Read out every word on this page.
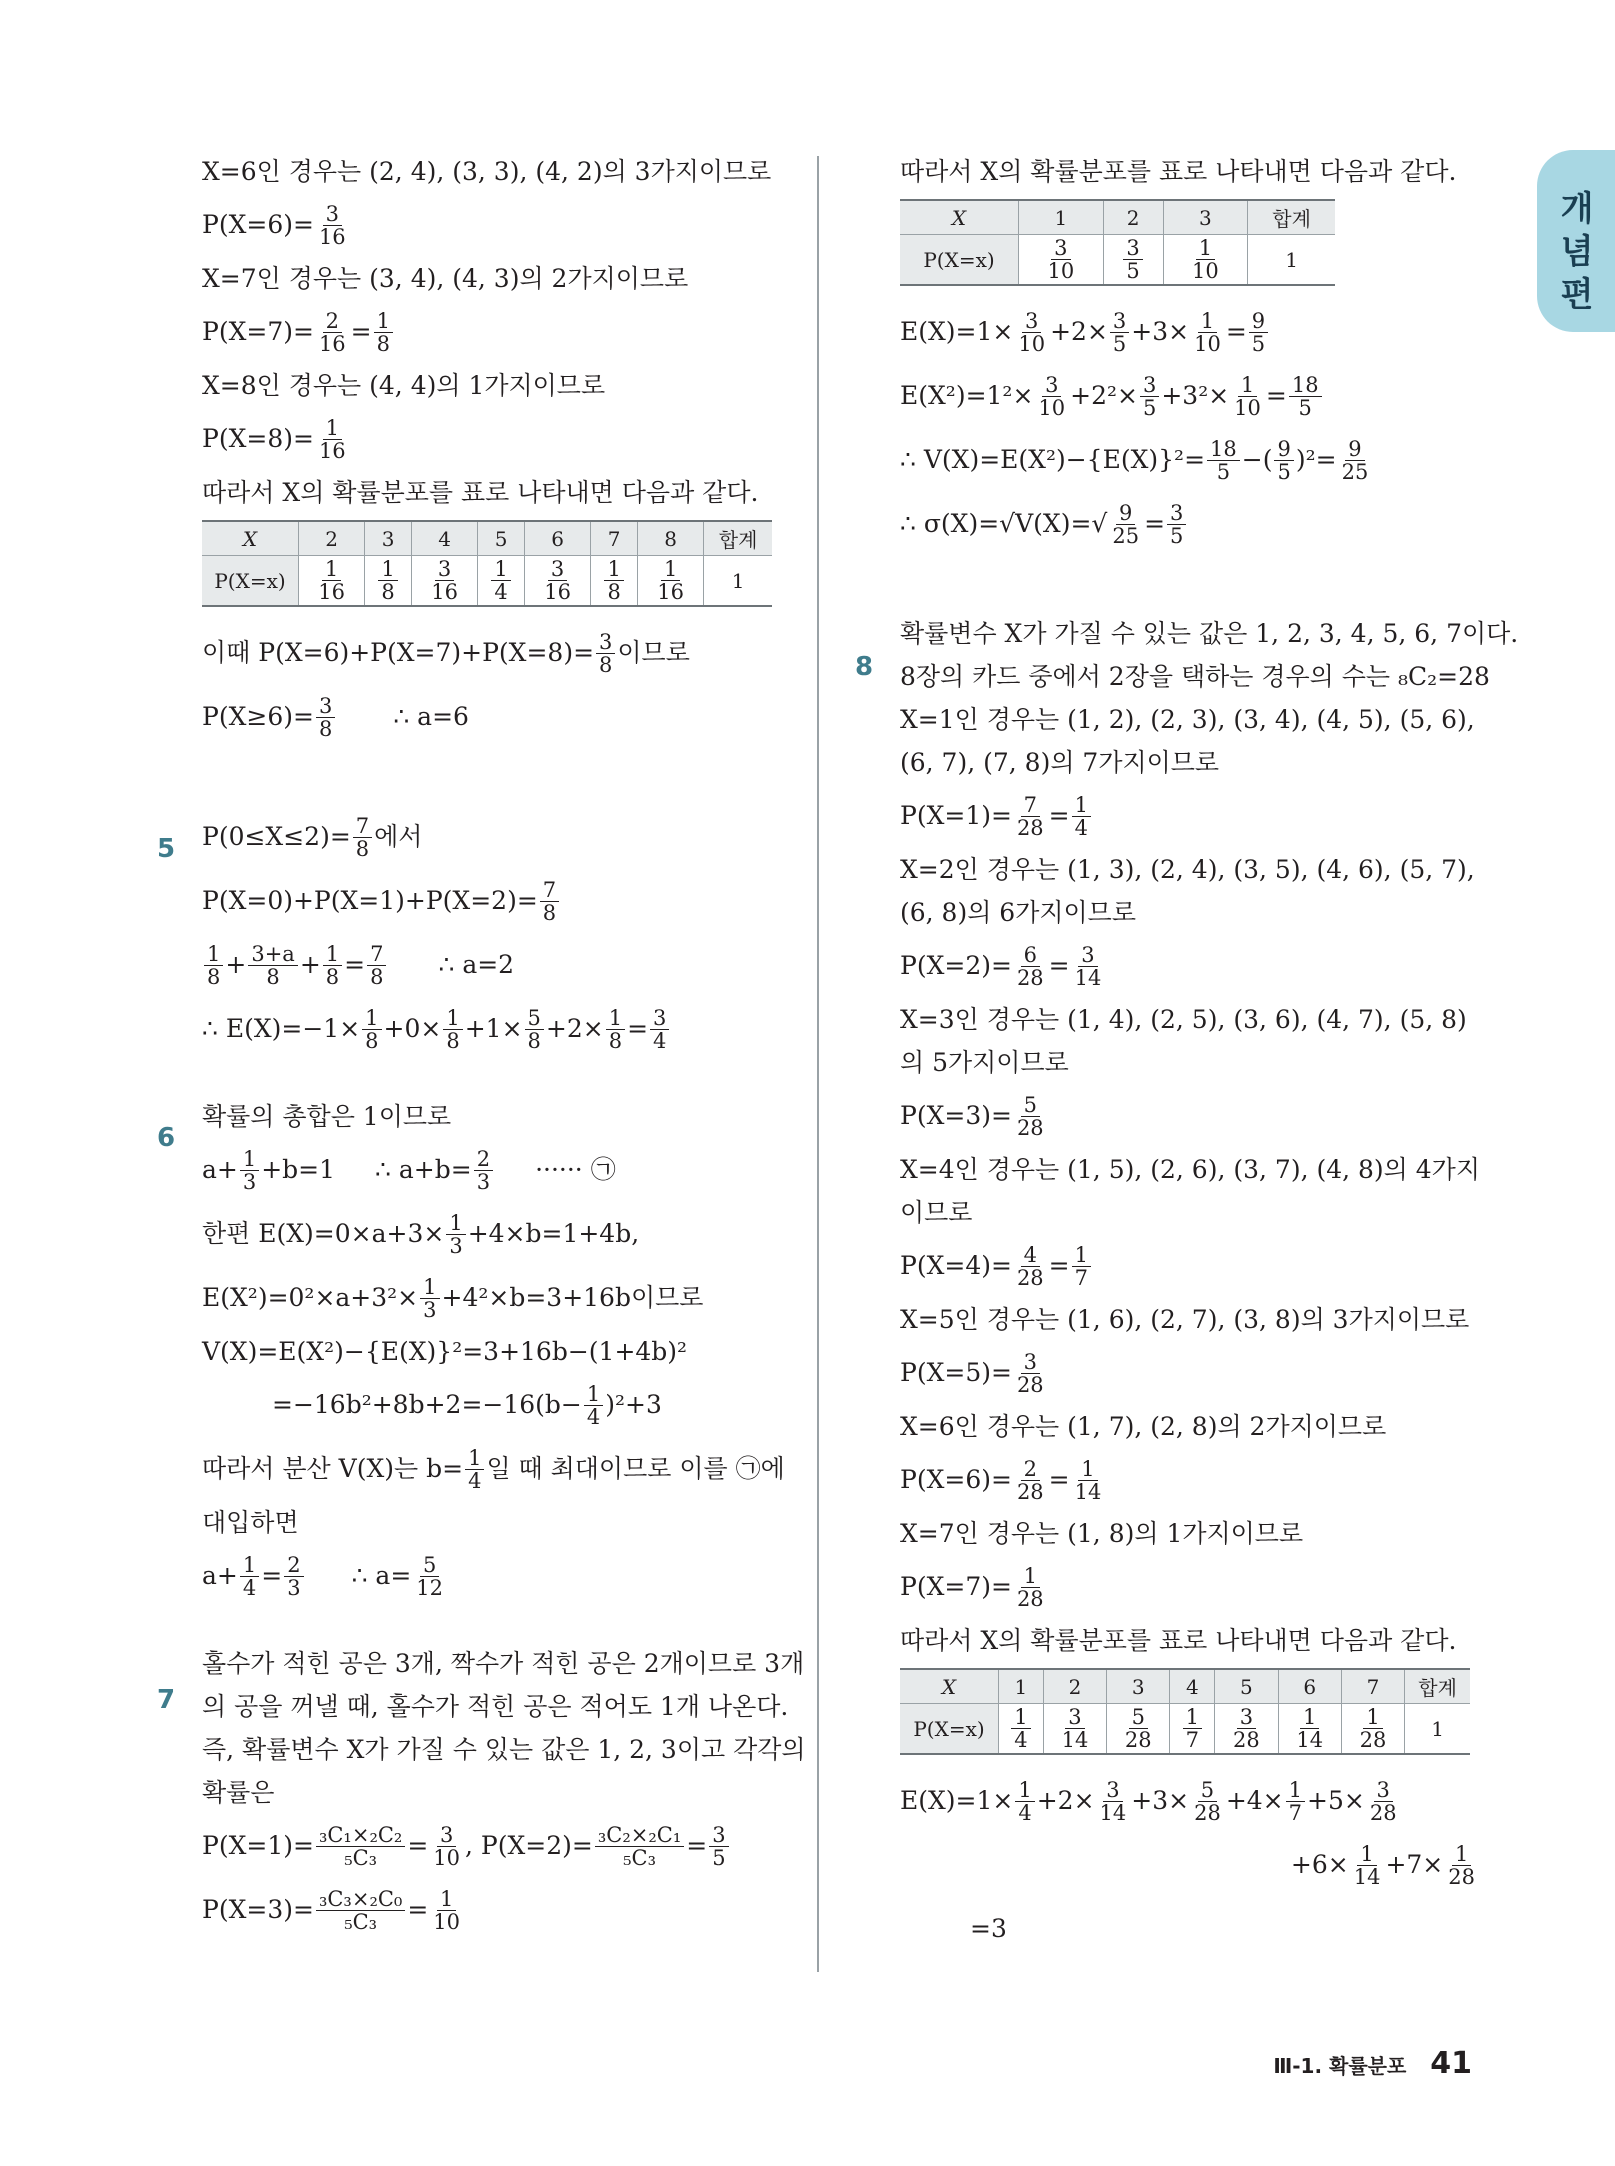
개념편
5
6
7
8
X=6인 경우는 (2, 4), (3, 3), (4, 2)의 3가지이므로
$P(X=6)= \frac{3}{16}$
X=7인 경우는 (3, 4), (4, 3)의 2가지이므로
$P(X=7)= \frac{2}{16} = \frac{1}{8}$
X=8인 경우는 (4, 4)의 1가지이므로
$P(X=8)= \frac{1}{16}$
따라서 X의 확률분포를 표로 나타내면 다음과 같다.
X	2	3	4	5	6	7	8	합계
P(X=x)	$\frac{1}{16}$	$\frac{1}{8}$	$\frac{3}{16}$	$\frac{1}{4}$	$\frac{3}{16}$	$\frac{1}{8}$	$\frac{1}{16}$	1
이때 $P(X=6)+P(X=7)+P(X=8)= \frac{3}{8}$ 이므로
$P(X\ge 6)= \frac{3}{8}$ ∴ a=6
$P(0\le X\le 2)= \frac{7}{8}$ 에서
$P(X=0)+P(X=1)+P(X=2)= \frac{7}{8}$
$\frac{1}{8} + \frac{3+a}{8} + \frac{1}{8} = \frac{7}{8}$ ∴ a=2
∴ $E(X)=-1\times \frac{1}{8} +0\times \frac{1}{8} +1\times \frac{5}{8} +2\times \frac{1}{8} = \frac{3}{4}$
확률의 총합은 1이므로
$a+ \frac{1}{3} +b=1$ ∴ $a+b= \frac{2}{3}$ ······ ㉠
한편 $E(X)=0\times a+3\times \frac{1}{3} +4\times b=1+4b$,
$E(X^2)=0^2\times a+3^2\times \frac{1}{3} +4^2\times b=3+16b$이므로
V(X)=E(X²)−{E(X)}²=3+16b−(1+4b)²
$=-16b^2+8b+2=-16(b- \frac{1}{4} )^2+3$
따라서 분산 V(X)는 $b= \frac{1}{4}$ 일 때 최대이므로 이를 ㉠에
대입하면
$a+ \frac{1}{4} = \frac{2}{3}$ ∴ $a= \frac{5}{12}$
홀수가 적힌 공은 3개, 짝수가 적힌 공은 2개이므로 3개
의 공을 꺼낼 때, 홀수가 적힌 공은 적어도 1개 나온다.
즉, 확률변수 X가 가질 수 있는 값은 1, 2, 3이고 각각의
확률은
$P(X=1)= \frac{\text{₃C₁×₂C₂}}{\text{₅C₃}} = \frac{3}{10}$ , $P(X=2)= \frac{\text{₃C₂×₂C₁}}{\text{₅C₃}} = \frac{3}{5}$
$P(X=3)= \frac{\text{₃C₃×₂C₀}}{\text{₅C₃}} = \frac{1}{10}$
따라서 X의 확률분포를 표로 나타내면 다음과 같다.
X	1	2	3	합계
P(X=x)	$\frac{3}{10}$	$\frac{3}{5}$	$\frac{1}{10}$	1
$E(X)=1\times \frac{3}{10} +2\times \frac{3}{5} +3\times \frac{1}{10} = \frac{9}{5}$
$E(X^2)=1^2\times \frac{3}{10} +2^2\times \frac{3}{5} +3^2\times \frac{1}{10} = \frac{18}{5}$
∴ $V(X)=E(X^2)-\{E(X)\}^2= \frac{18}{5}$ −( $\frac{9}{5} )^2= \frac{9}{25}$
∴ $\sigma(X)=√V(X)=√ \frac{9}{25} = \frac{3}{5}$
확률변수 X가 가질 수 있는 값은 1, 2, 3, 4, 5, 6, 7이다.
8장의 카드 중에서 2장을 택하는 경우의 수는 ₈C₂=28
X=1인 경우는 (1, 2), (2, 3), (3, 4), (4, 5), (5, 6),
(6, 7), (7, 8)의 7가지이므로
$P(X=1)= \frac{7}{28} = \frac{1}{4}$
X=2인 경우는 (1, 3), (2, 4), (3, 5), (4, 6), (5, 7),
(6, 8)의 6가지이므로
$P(X=2)= \frac{6}{28} = \frac{3}{14}$
X=3인 경우는 (1, 4), (2, 5), (3, 6), (4, 7), (5, 8)
의 5가지이므로
$P(X=3)= \frac{5}{28}$
X=4인 경우는 (1, 5), (2, 6), (3, 7), (4, 8)의 4가지
이므로
$P(X=4)= \frac{4}{28} = \frac{1}{7}$
X=5인 경우는 (1, 6), (2, 7), (3, 8)의 3가지이므로
$P(X=5)= \frac{3}{28}$
X=6인 경우는 (1, 7), (2, 8)의 2가지이므로
$P(X=6)= \frac{2}{28} = \frac{1}{14}$
X=7인 경우는 (1, 8)의 1가지이므로
$P(X=7)= \frac{1}{28}$
따라서 X의 확률분포를 표로 나타내면 다음과 같다.
X	1	2	3	4	5	6	7	합계
P(X=x)	$\frac{1}{4}$	$\frac{3}{14}$	$\frac{5}{28}$	$\frac{1}{7}$	$\frac{3}{28}$	$\frac{1}{14}$	$\frac{1}{28}$	1
$E(X)=1\times \frac{1}{4} +2\times \frac{3}{14} +3\times \frac{5}{28} +4\times \frac{1}{7} +5\times \frac{3}{28}$
$+6\times \frac{1}{14} +7\times \frac{1}{28}$
=3
Ⅲ-1. 확률분포 41
